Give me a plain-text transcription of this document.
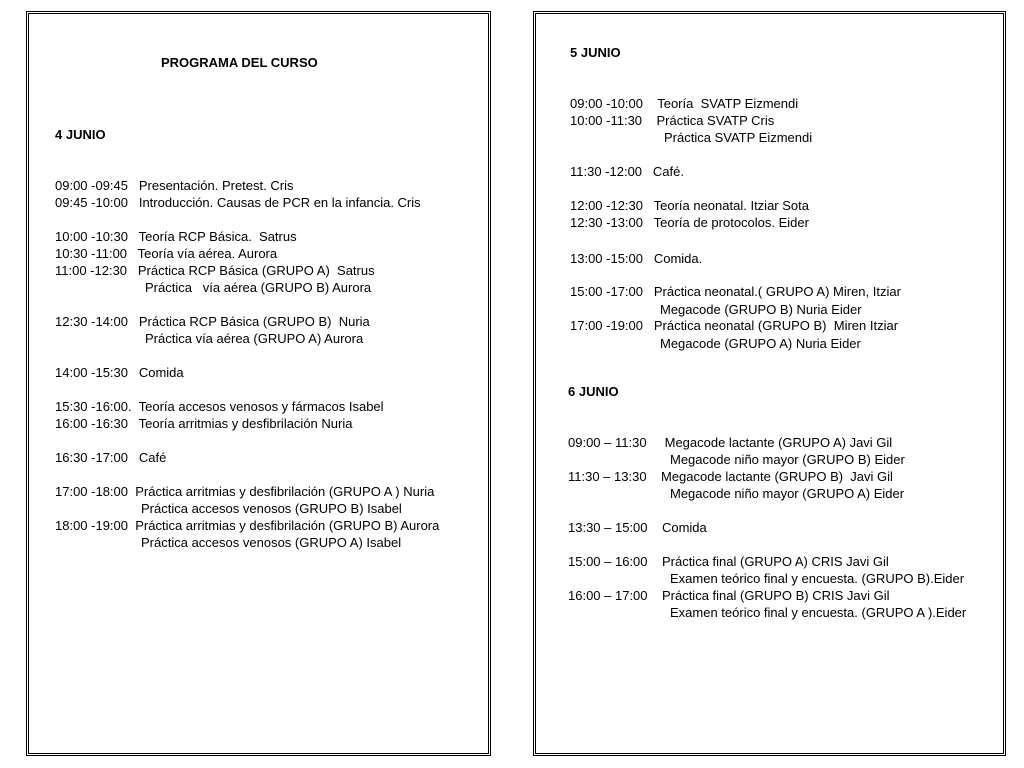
PROGRAMA DEL CURSO
4 JUNIO
09:00 -09:45   Presentación. Pretest. Cris
09:45 -10:00   Introducción. Causas de PCR en la infancia. Cris
10:00 -10:30   Teoría RCP Básica.  Satrus
10:30 -11:00   Teoría vía aérea. Aurora
11:00 -12:30   Práctica RCP Básica (GRUPO A)  Satrus
Práctica   vía aérea (GRUPO B) Aurora
12:30 -14:00   Práctica RCP Básica (GRUPO B)  Nuria
Práctica vía aérea (GRUPO A) Aurora
14:00 -15:30   Comida
15:30 -16:00.  Teoría accesos venosos y fármacos Isabel
16:00 -16:30   Teoría arritmias y desfibrilación Nuria
16:30 -17:00   Café
17:00 -18:00  Práctica arritmias y desfibrilación (GRUPO A ) Nuria
Práctica accesos venosos (GRUPO B) Isabel
18:00 -19:00  Práctica arritmias y desfibrilación (GRUPO B) Aurora
Práctica accesos venosos (GRUPO A) Isabel
5 JUNIO
09:00 -10:00    Teoría  SVATP Eizmendi
10:00 -11:30    Práctica SVATP Cris
Práctica SVATP Eizmendi
11:30 -12:00   Café.
12:00 -12:30   Teoría neonatal. Itziar Sota
12:30 -13:00   Teoría de protocolos. Eider
13:00 -15:00   Comida.
15:00 -17:00   Práctica neonatal.( GRUPO A) Miren, Itziar
Megacode (GRUPO B) Nuria Eider
17:00 -19:00   Práctica neonatal (GRUPO B)  Miren Itziar
Megacode (GRUPO A) Nuria Eider
6 JUNIO
09:00 – 11:30     Megacode lactante (GRUPO A) Javi Gil
Megacode niño mayor (GRUPO B) Eider
11:30 – 13:30    Megacode lactante (GRUPO B)  Javi Gil
Megacode niño mayor (GRUPO A) Eider
13:30 – 15:00    Comida
15:00 – 16:00    Práctica final (GRUPO A) CRIS Javi Gil
Examen teórico final y encuesta. (GRUPO B).Eider
16:00 – 17:00    Práctica final (GRUPO B) CRIS Javi Gil
Examen teórico final y encuesta. (GRUPO A ).Eider
